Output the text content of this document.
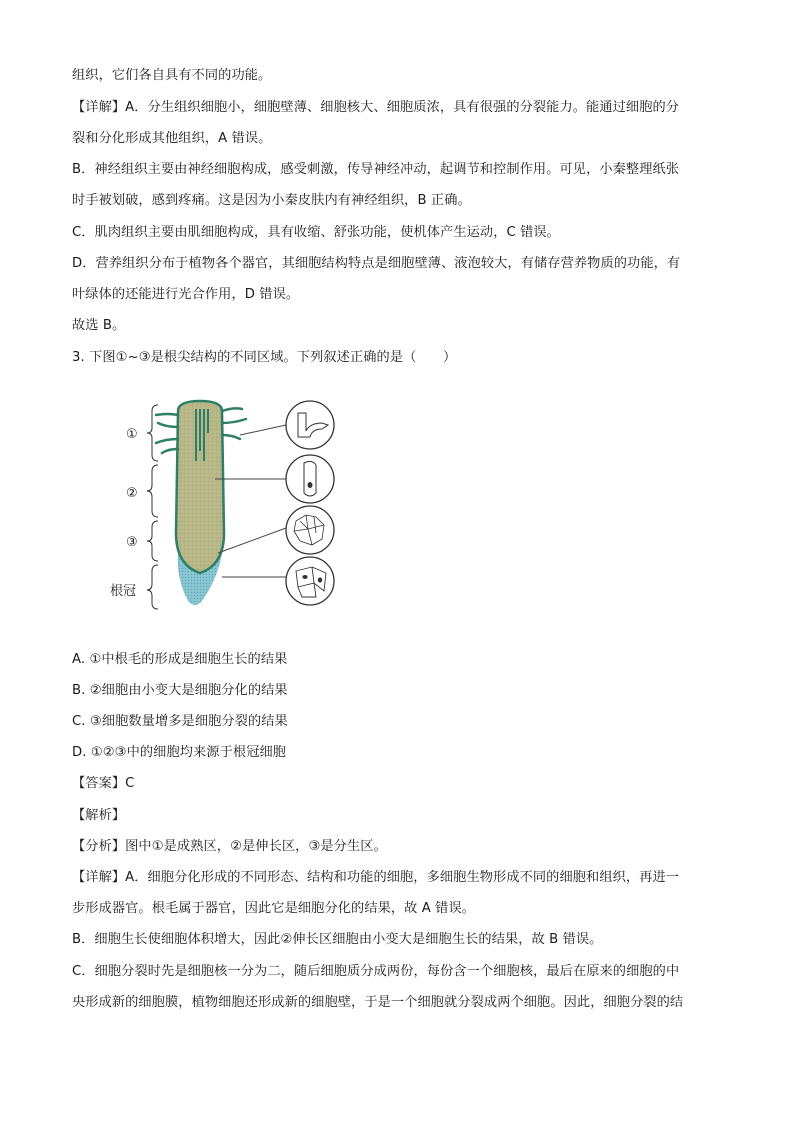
组织，它们各自具有不同的功能。
【详解】A．分生组织细胞小，细胞壁薄、细胞核大、细胞质浓，具有很强的分裂能力。能通过细胞的分
裂和分化形成其他组织，A 错误。
B．神经组织主要由神经细胞构成，感受刺激，传导神经冲动，起调节和控制作用。可见，小秦整理纸张
时手被划破，感到疼痛。这是因为小秦皮肤内有神经组织，B 正确。
C．肌肉组织主要由肌细胞构成，具有收缩、舒张功能，使机体产生运动，C 错误。
D．营养组织分布于植物各个器官，其细胞结构特点是细胞壁薄、液泡较大，有储存营养物质的功能，有
叶绿体的还能进行光合作用，D 错误。
故选 B。
3. 下图①~③是根尖结构的不同区域。下列叙述正确的是（　　）
①
②
③
根冠
A. ①中根毛的形成是细胞生长的结果
B. ②细胞由小变大是细胞分化的结果
C. ③细胞数量增多是细胞分裂的结果
D. ①②③中的细胞均来源于根冠细胞
【答案】C
【解析】
【分析】图中①是成熟区，②是伸长区，③是分生区。
【详解】A．细胞分化形成的不同形态、结构和功能的细胞，多细胞生物形成不同的细胞和组织，再进一
步形成器官。根毛属于器官，因此它是细胞分化的结果，故 A 错误。
B．细胞生长使细胞体积增大，因此②伸长区细胞由小变大是细胞生长的结果，故 B 错误。
C．细胞分裂时先是细胞核一分为二，随后细胞质分成两份，每份含一个细胞核，最后在原来的细胞的中
央形成新的细胞膜，植物细胞还形成新的细胞壁，于是一个细胞就分裂成两个细胞。因此，细胞分裂的结
